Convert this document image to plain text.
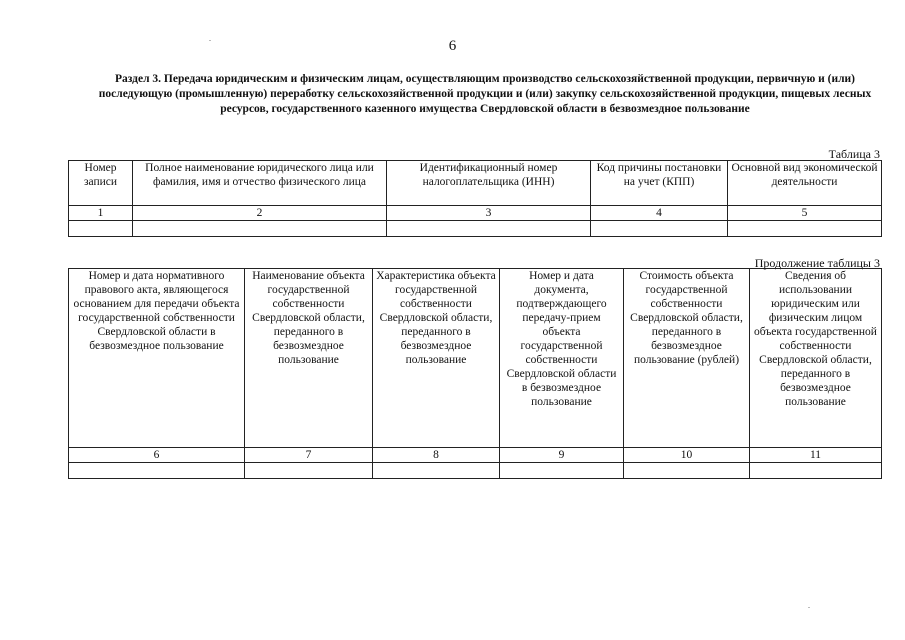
6
Раздел 3. Передача юридическим и физическим лицам, осуществляющим производство сельскохозяйственной продукции, первичную и (или) последующую (промышленную) переработку сельскохозяйственной продукции и (или) закупку сельскохозяйственной продукции, пищевых лесных ресурсов, государственного казенного имущества Свердловской области в безвозмездное пользование
Таблица 3
Номер записи	Полное наименование юридического лица или фамилия, имя и отчество физического лица	Идентификационный номер налогоплательщика (ИНН)	Код причины постановки на учет (КПП)	Основной вид экономической деятельности
1	2	3	4	5

Продолжение таблицы 3
Номер и дата нормативного правового акта, являющегося основанием для передачи объекта государственной собственности Свердловской области в безвозмездное пользование	Наименование объекта государственной собственности Свердловской области, переданного в безвозмездное пользование	Характеристика объекта государственной собственности Свердловской области, переданного в безвозмездное пользование	Номер и дата документа, подтверждающего передачу-прием объекта государственной собственности Свердловской области в безвозмездное пользование	Стоимость объекта государственной собственности Свердловской области, переданного в безвозмездное пользование (рублей)	Сведения об использовании юридическим или физическим лицом объекта государственной собственности Свердловской области, переданного в безвозмездное пользование
6	7	8	9	10	11
